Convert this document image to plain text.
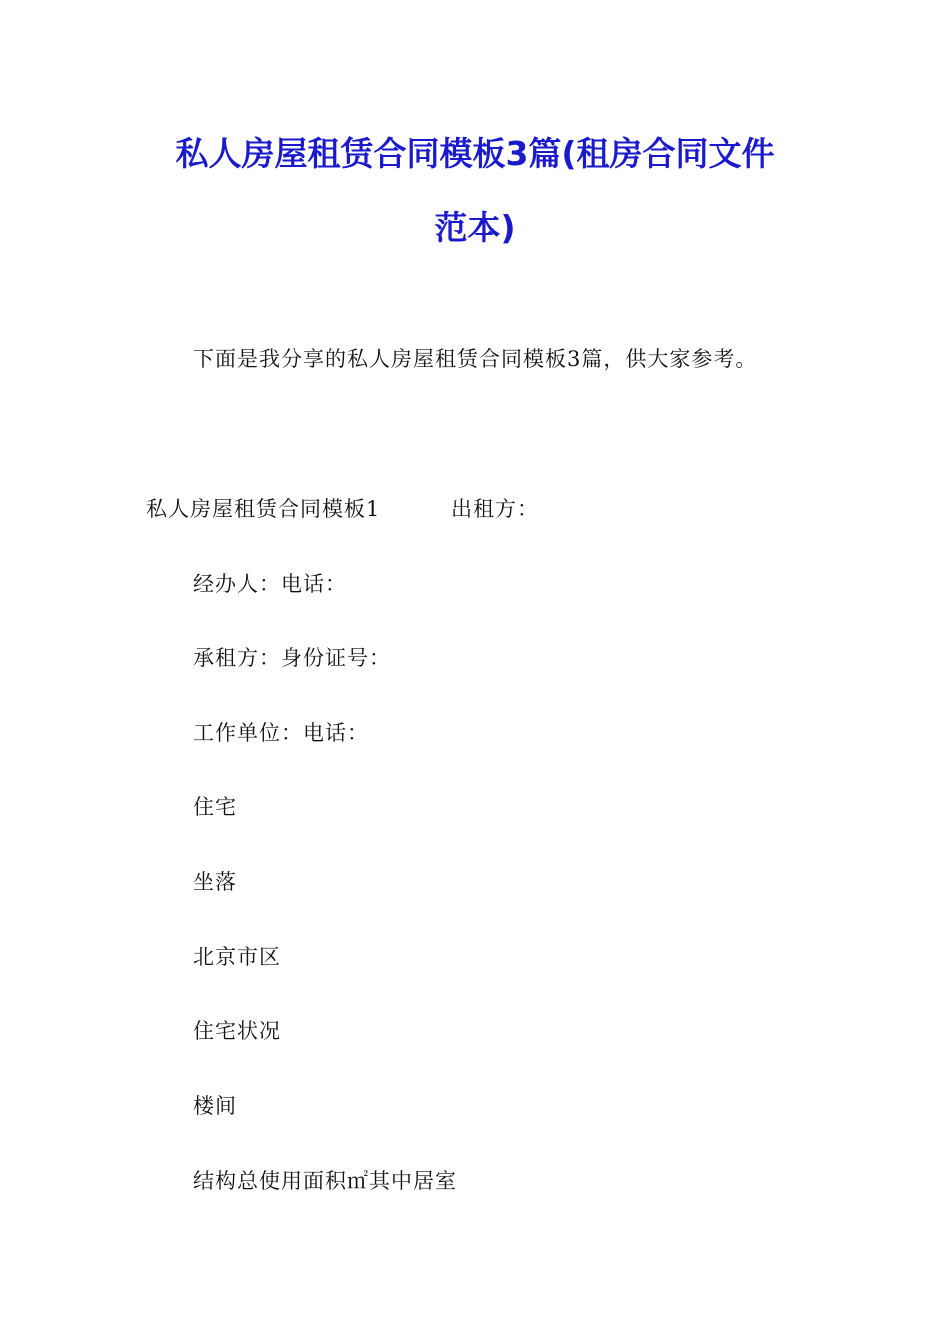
私人房屋租赁合同模板3篇(租房合同文件
范本)
下面是我分享的私人房屋租赁合同模板3篇，供大家参考。
私人房屋租赁合同模板1	出租方：
经办人：电话：
承租方：身份证号：
工作单位：电话：
住宅
坐落
北京市区
住宅状况
楼间
结构总使用面积㎡其中居室
